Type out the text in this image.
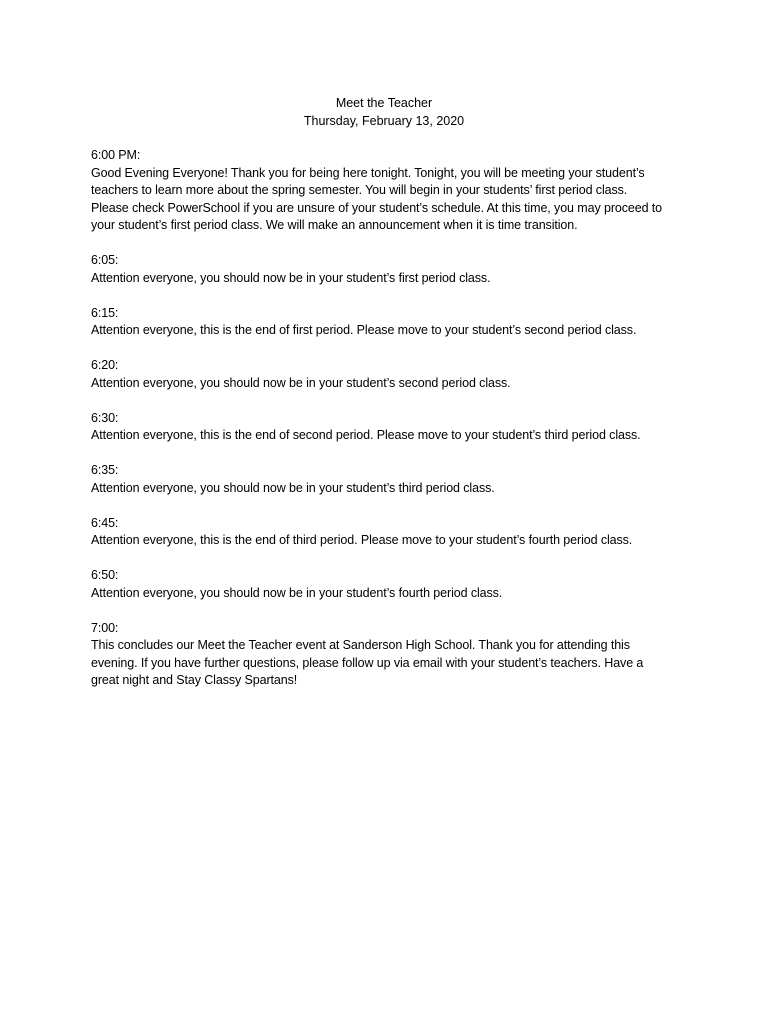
Meet the Teacher
Thursday, February 13, 2020
6:00 PM:
Good Evening Everyone! Thank you for being here tonight. Tonight, you will be meeting your student’s
teachers to learn more about the spring semester. You will begin in your students’ first period class.
Please check PowerSchool if you are unsure of your student’s schedule. At this time, you may proceed to
your student’s first period class. We will make an announcement when it is time transition.
6:05:
Attention everyone, you should now be in your student’s first period class.
6:15:
Attention everyone, this is the end of first period. Please move to your student’s second period class.
6:20:
Attention everyone, you should now be in your student’s second period class.
6:30:
Attention everyone, this is the end of second period. Please move to your student’s third period class.
6:35:
Attention everyone, you should now be in your student’s third period class.
6:45:
Attention everyone, this is the end of third period. Please move to your student’s fourth period class.
6:50:
Attention everyone, you should now be in your student’s fourth period class.
7:00:
This concludes our Meet the Teacher event at Sanderson High School. Thank you for attending this
evening. If you have further questions, please follow up via email with your student’s teachers. Have a
great night and Stay Classy Spartans!
